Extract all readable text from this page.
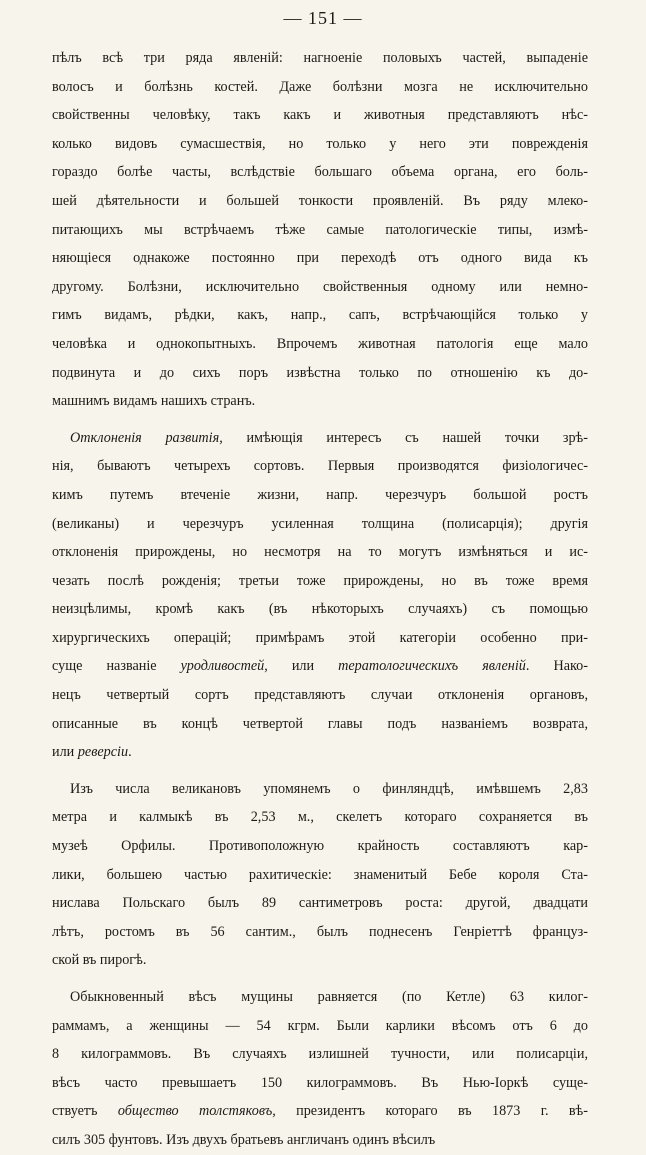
— 151 —
пѣлъ всѣ три ряда явленій: нагноеніе половыхъ частей, выпаденіе
волосъ и болѣзнь костей. Даже болѣзни мозга не исключительно
свойственны человѣку, такъ какъ и животныя представляютъ нѣс-
колько видовъ сумасшествія, но только у него эти поврежденія
гораздо болѣе часты, вслѣдствіе большаго объема органа, его боль-
шей дѣятельности и большей тонкости проявленій. Въ ряду млеко-
питающихъ мы встрѣчаемъ тѣже самые патологическіе типы, измѣ-
няющіеся однакоже постоянно при переходѣ отъ одного вида къ
другому. Болѣзни, исключительно свойственныя одному или немно-
гимъ видамъ, рѣдки, какъ, напр., сапъ, встрѣчающійся только у
человѣка и однокопытныхъ. Впрочемъ животная патологія еще мало
подвинута и до сихъ поръ извѣстна только по отношенію къ до-
машнимъ видамъ нашихъ странъ.
Отклоненія развитія, имѣющія интересъ съ нашей точки зрѣ-
нія, бываютъ четырехъ сортовъ. Первыя производятся физіологичес-
кимъ путемъ втеченіе жизни, напр. черезчуръ большой ростъ
(великаны) и черезчуръ усиленная толщина (полисарція); другія
отклоненія прирождены, но несмотря на то могутъ измѣняться и ис-
чезать послѣ рожденія; третьи тоже прирождены, но въ тоже время
неизцѣлимы, кромѣ какъ (въ нѣкоторыхъ случаяхъ) съ помощью
хирургическихъ операцій; примѣрамъ этой категоріи особенно при-
суще названіе уродливостей, или тератологическихъ явленій. Нако-
нецъ четвертый сортъ представляютъ случаи отклоненія органовъ,
описанные въ концѣ четвертой главы подъ названіемъ возврата,
или реверсіи.
Изъ числа великановъ упомянемъ о финляндцѣ, имѣвшемъ 2,83
метра и калмыкѣ въ 2,53 м., скелетъ котораго сохраняется въ
музеѣ Орфилы. Противоположную крайность составляютъ кар-
лики, большею частью рахитическіе: знаменитый Бебе короля Ста-
нислава Польскаго былъ 89 сантиметровъ роста: другой, двадцати
лѣтъ, ростомъ въ 56 сантим., былъ поднесенъ Генріеттѣ француз-
ской въ пирогѣ.
Обыкновенный вѣсъ мущины равняется (по Кетле) 63 килог-
раммамъ, а женщины — 54 кгрм. Были карлики вѣсомъ отъ 6 до
8 килограммовъ. Въ случаяхъ излишней тучности, или полисарціи,
вѣсъ часто превышаетъ 150 килограммовъ. Въ Нью-Іоркѣ суще-
ствуетъ общество толстяковъ, президентъ котораго въ 1873 г. вѣ-
силъ 305 фунтовъ. Изъ двухъ братьевъ англичанъ одинъ вѣсилъ
